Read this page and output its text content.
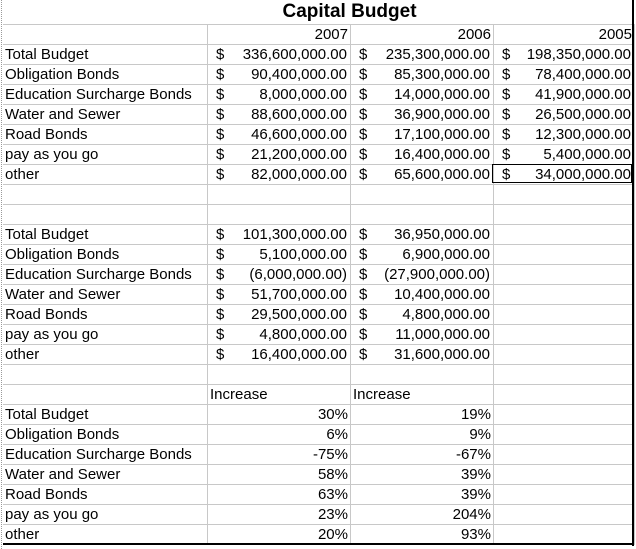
Capital Budget
	2007	2006	2005
Total Budget	$ 336,600,000.00	$ 235,300,000.00	$ 198,350,000.00

Obligation Bonds	$ 90,400,000.00	$ 85,300,000.00	$ 78,400,000.00

Education Surcharge Bonds	$ 8,000,000.00	$ 14,000,000.00	$ 41,900,000.00

Water and Sewer	$ 88,600,000.00	$ 36,900,000.00	$ 26,500,000.00

Road Bonds	$ 46,600,000.00	$ 17,100,000.00	$ 12,300,000.00

pay as you go	$ 21,200,000.00	$ 16,400,000.00	$ 5,400,000.00

other	$ 82,000,000.00	$ 65,600,000.00	$ 34,000,000.00

Total Budget	$ 101,300,000.00	$ 36,950,000.00	

Obligation Bonds	$ 5,100,000.00	$ 6,900,000.00	

Education Surcharge Bonds	$ (6,000,000.00)	$ (27,900,000.00)	

Water and Sewer	$ 51,700,000.00	$ 10,400,000.00	

Road Bonds	$ 29,500,000.00	$ 4,800,000.00	

pay as you go	$ 4,800,000.00	$ 11,000,000.00	

other	$ 16,400,000.00	$ 31,600,000.00	

	Increase	Increase	
Total Budget	30%	19%	
Obligation Bonds	6%	9%	
Education Surcharge Bonds	-75%	-67%	
Water and Sewer	58%	39%	
Road Bonds	63%	39%	
pay as you go	23%	204%	
other	20%	93%	
